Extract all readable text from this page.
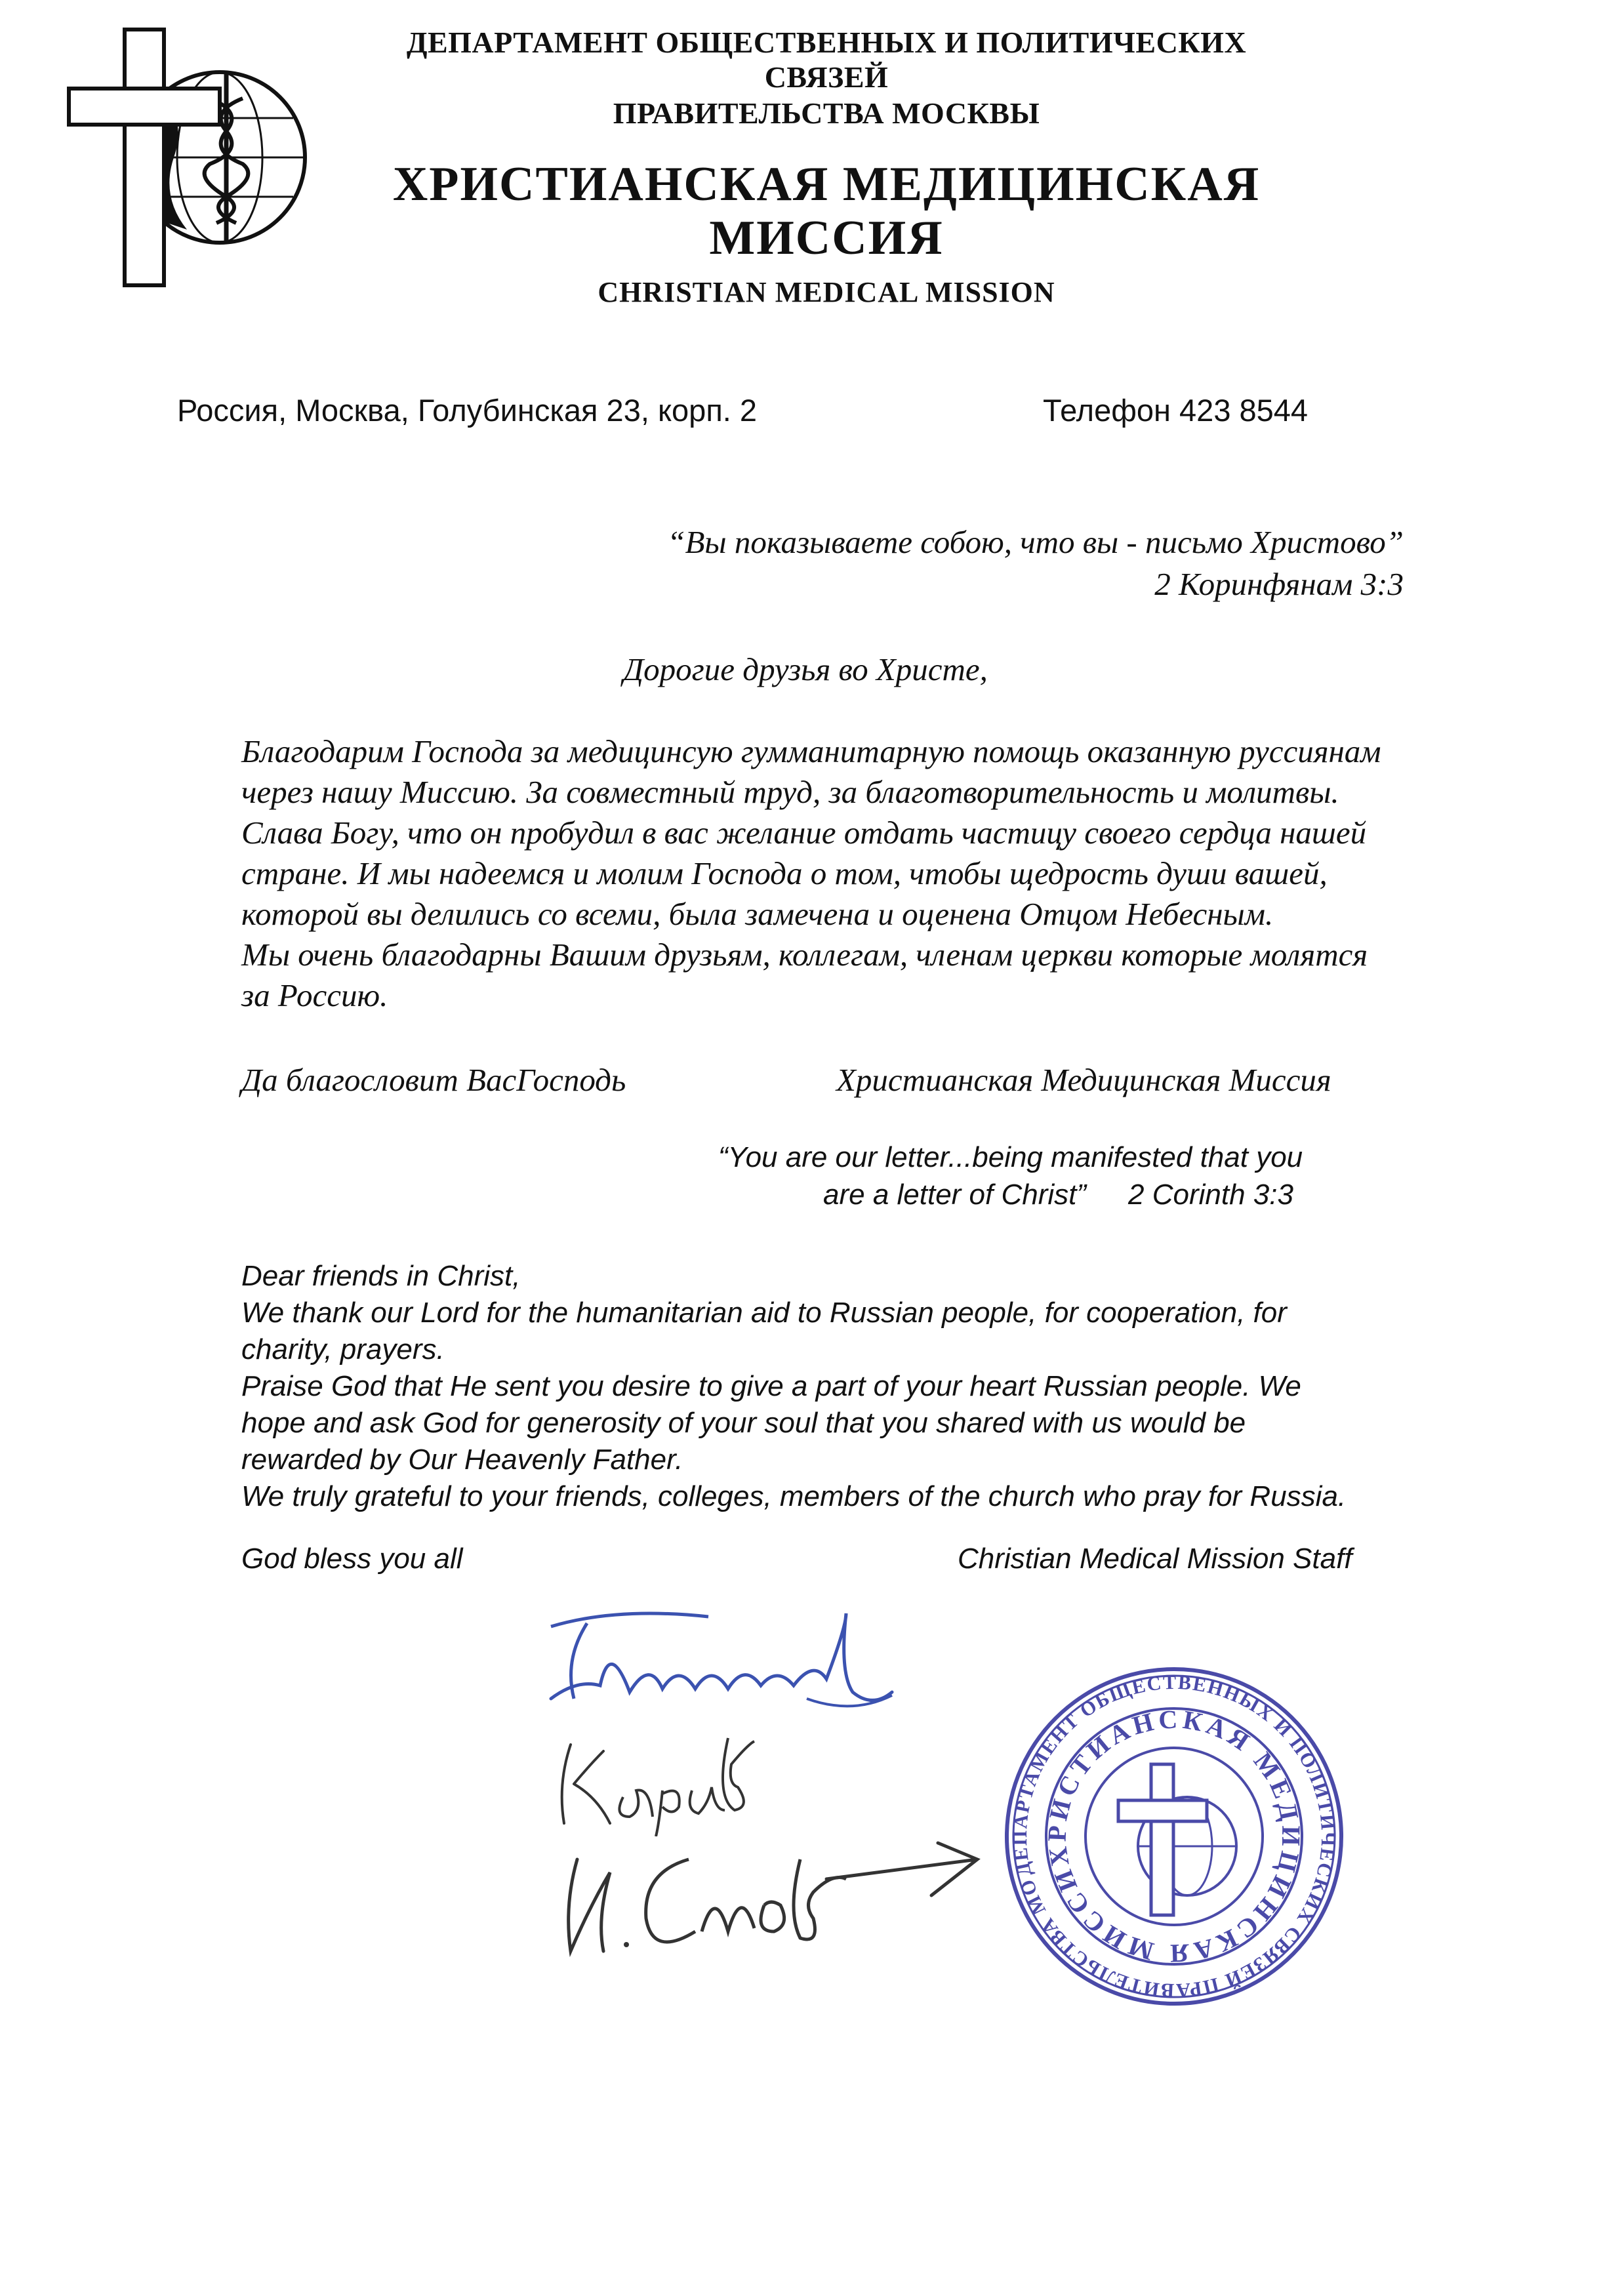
ДЕПАРТАМЕНТ ОБЩЕСТВЕННЫХ И ПОЛИТИЧЕСКИХ СВЯЗЕЙ
ПРАВИТЕЛЬСТВА МОСКВЫ
ХРИСТИАНСКАЯ МЕДИЦИНСКАЯ
МИССИЯ
CHRISTIAN MEDICAL MISSION
Россия, Москва, Голубинская 23, корп. 2	Телефон 423 8544
“Вы показываете собою, что вы - письмо Христово”
2 Коринфянам 3:3
Дорогие друзья во Христе,
Благодарим Господа за медицинсую гумманитарную помощь оказанную руссиянам
через нашу Миссию. За совместный труд, за благотворительность и молитвы.
Слава Богу, что он пробудил в вас желание отдать частицу своего сердца нашей
стране. И мы надеемся и молим Господа о том, чтобы щедрость души вашей,
которой вы делились со всеми, была замечена и оценена Отцом Небесным.
Мы очень благодарны Вашим друзьям, коллегам, членам церкви которые молятся
за Россию.
Да благословит ВасГосподь	Христианская Медицинская Миссия
“You are our letter...being manifested that you
are a letter of Christ” 2 Corinth 3:3
Dear friends in Christ,
We thank our Lord for the humanitarian aid to Russian people, for cooperation, for
charity, prayers.
Praise God that He sent you desire to give a part of your heart Russian people. We
hope and ask God for generosity of your soul that you shared with us would be
rewarded by Our Heavenly Father.
We truly grateful to your friends, colleges, members of the church who pray for Russia.
God bless you all	Christian Medical Mission Staff
ДЕПАРТАМЕНТ ОБЩЕСТВЕННЫХ И ПОЛИТИЧЕСКИХ СВЯЗЕЙ ПРАВИТЕЛЬСТВА МОСКВЫ
ХРИСТИАНСКАЯ МЕДИЦИНСКАЯ МИССИЯ
